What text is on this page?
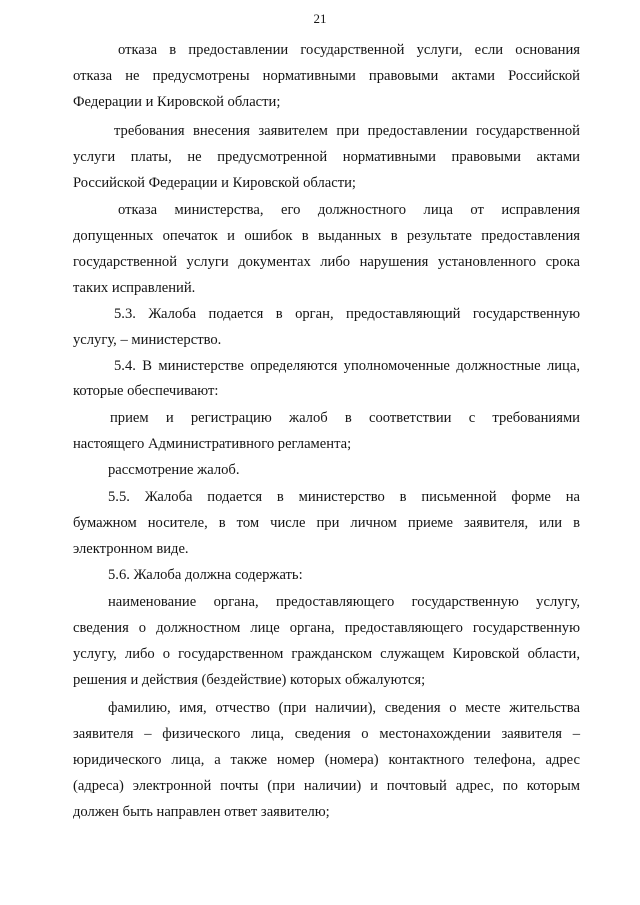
21
отказа в предоставлении государственной услуги, если основания
отказа не предусмотрены нормативными правовыми актами Российской
Федерации и Кировской области;
требования внесения заявителем при предоставлении государственной
услуги платы, не предусмотренной нормативными правовыми актами
Российской Федерации и Кировской области;
отказа министерства, его должностного лица от исправления
допущенных опечаток и ошибок в выданных в результате предоставления
государственной услуги документах либо нарушения установленного срока
таких исправлений.
5.3. Жалоба подается в орган, предоставляющий государственную
услугу, – министерство.
5.4. В министерстве определяются уполномоченные должностные лица,
которые обеспечивают:
прием и регистрацию жалоб в соответствии с требованиями
настоящего Административного регламента;
рассмотрение жалоб.
5.5. Жалоба подается в министерство в письменной форме на
бумажном носителе, в том числе при личном приеме заявителя, или в
электронном виде.
5.6. Жалоба должна содержать:
наименование органа, предоставляющего государственную услугу,
сведения о должностном лице органа, предоставляющего государственную
услугу, либо о государственном гражданском служащем Кировской области,
решения и действия (бездействие) которых обжалуются;
фамилию, имя, отчество (при наличии), сведения о месте жительства
заявителя – физического лица, сведения о местонахождении заявителя –
юридического лица, а также номер (номера) контактного телефона, адрес
(адреса) электронной почты (при наличии) и почтовый адрес, по которым
должен быть направлен ответ заявителю;
